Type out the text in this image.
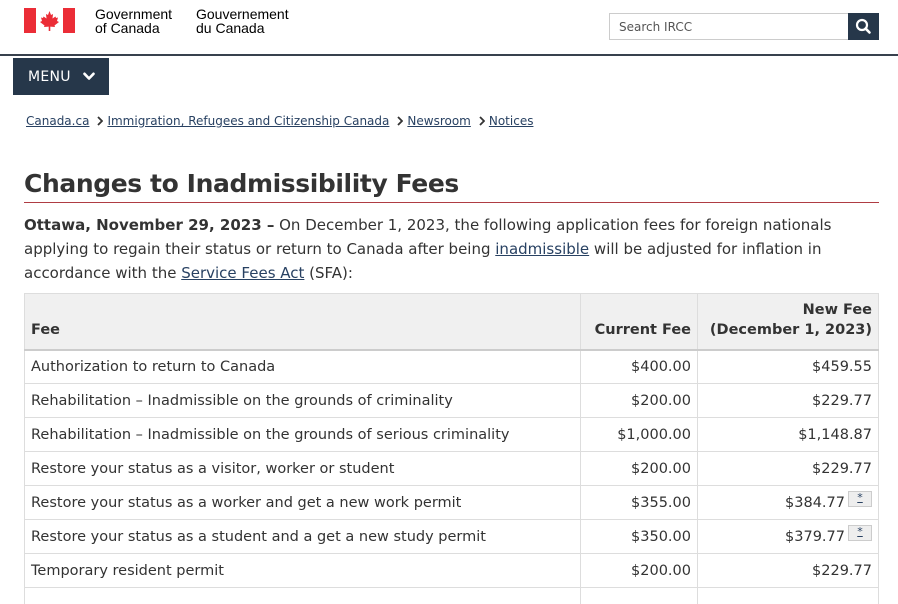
Government
of Canada
Gouvernement
du Canada
Search IRCC
MENU
Canada.ca Immigration, Refugees and Citizenship Canada Newsroom Notices
Changes to Inadmissibility Fees

Ottawa, November 29, 2023 – On December 1, 2023, the following application fees for foreign nationals applying to regain their status or return to Canada after being inadmissible will be adjusted for inflation in accordance with the Service Fees Act (SFA):

Fee	Current Fee	New Fee
(December 1, 2023)
Authorization to return to Canada	$400.00	$459.55
Rehabilitation – Inadmissible on the grounds of criminality	$200.00	$229.77
Rehabilitation – Inadmissible on the grounds of serious criminality	$1,000.00	$1,148.87
Restore your status as a visitor, worker or student	$200.00	$229.77
Restore your status as a worker and get a new work permit	$355.00	$384.77 *
Restore your status as a student and a get a new study permit	$350.00	$379.77 *
Temporary resident permit	$200.00	$229.77
